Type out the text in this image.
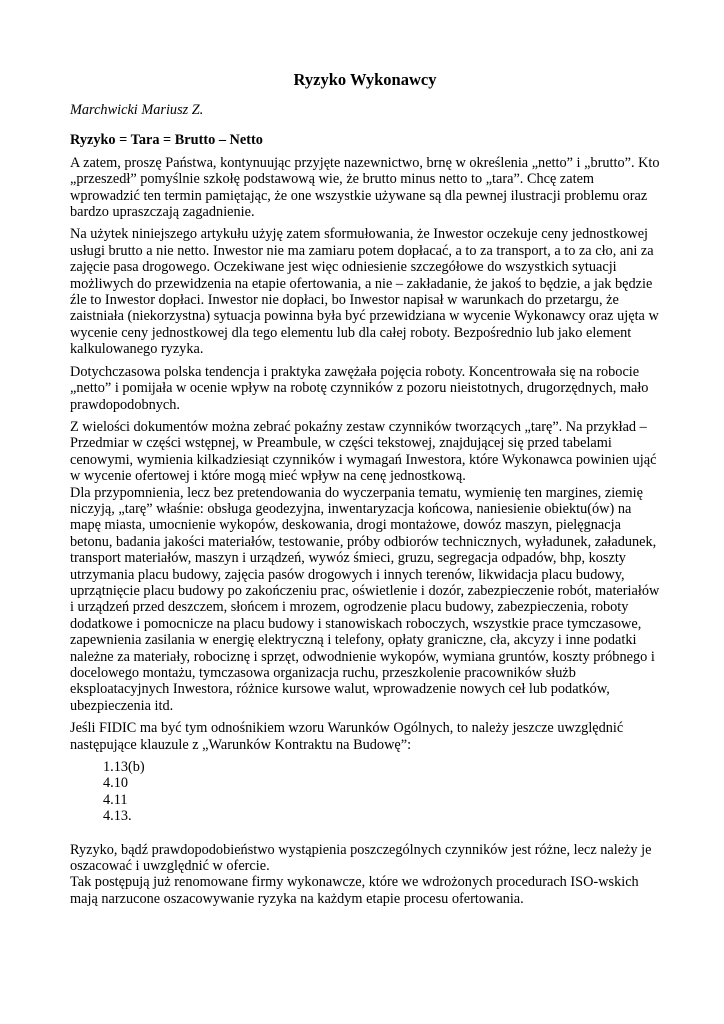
Ryzyko Wykonawcy

Marchwicki Mariusz Z.

Ryzyko = Tara = Brutto – Netto

A zatem, proszę Państwa, kontynuując przyjęte nazewnictwo, brnę w określenia „netto” i „brutto”. Kto „przeszedł” pomyślnie szkołę podstawową wie, że brutto minus netto to „tara”. Chcę zatem wprowadzić ten termin pamiętając, że one wszystkie używane są dla pewnej ilustracji problemu oraz bardzo upraszczają zagadnienie.

Na użytek niniejszego artykułu użyję zatem sformułowania, że Inwestor oczekuje ceny jednostkowej usługi brutto a nie netto. Inwestor nie ma zamiaru potem dopłacać, a to za transport, a to za cło, ani za zajęcie pasa drogowego. Oczekiwane jest więc odniesienie szczegółowe do wszystkich sytuacji możliwych do przewidzenia na etapie ofertowania, a nie – zakładanie, że jakoś to będzie, a jak będzie źle to Inwestor dopłaci. Inwestor nie dopłaci, bo Inwestor napisał w warunkach do przetargu, że zaistniała (niekorzystna) sytuacja powinna była być przewidziana w wycenie Wykonawcy oraz ujęta w wycenie ceny jednostkowej dla tego elementu lub dla całej roboty. Bezpośrednio lub jako element kalkulowanego ryzyka.

Dotychczasowa polska tendencja i praktyka zawężała pojęcia roboty. Koncentrowała się na robocie „netto” i pomijała w ocenie wpływ na robotę czynników z pozoru nieistotnych, drugorzędnych, mało prawdopodobnych.

Z wielości dokumentów można zebrać pokaźny zestaw czynników tworzących „tarę”. Na przykład – Przedmiar w części wstępnej, w Preambule, w części tekstowej, znajdującej się przed tabelami cenowymi, wymienia kilkadziesiąt czynników i wymagań Inwestora, które Wykonawca powinien ująć w wycenie ofertowej i które mogą mieć wpływ na cenę jednostkową.

Dla przypomnienia, lecz bez pretendowania do wyczerpania tematu, wymienię ten margines, ziemię niczyją, „tarę” właśnie: obsługa geodezyjna, inwentaryzacja końcowa, naniesienie obiektu(ów) na mapę miasta, umocnienie wykopów, deskowania, drogi montażowe, dowóz maszyn, pielęgnacja betonu, badania jakości materiałów, testowanie, próby odbiorów technicznych, wyładunek, załadunek, transport materiałów, maszyn i urządzeń, wywóz śmieci, gruzu, segregacja odpadów, bhp, koszty utrzymania placu budowy, zajęcia pasów drogowych i innych terenów, likwidacja placu budowy, uprzątnięcie placu budowy po zakończeniu prac, oświetlenie i dozór, zabezpieczenie robót, materiałów i urządzeń przed deszczem, słońcem i mrozem, ogrodzenie placu budowy, zabezpieczenia, roboty dodatkowe i pomocnicze na placu budowy i stanowiskach roboczych, wszystkie prace tymczasowe, zapewnienia zasilania w energię elektryczną i telefony, opłaty graniczne, cła, akcyzy i inne podatki należne za materiały, robociznę i sprzęt, odwodnienie wykopów, wymiana gruntów, koszty próbnego i docelowego montażu, tymczasowa organizacja ruchu, przeszkolenie pracowników służb eksploatacyjnych Inwestora, różnice kursowe walut, wprowadzenie nowych ceł lub podatków, ubezpieczenia itd.

Jeśli FIDIC ma być tym odnośnikiem wzoru Warunków Ogólnych, to należy jeszcze uwzględnić następujące klauzule z „Warunków Kontraktu na Budowę”:

1.13(b)
4.10
4.11
4.13.

Ryzyko, bądź prawdopodobieństwo wystąpienia poszczególnych czynników jest różne, lecz należy je oszacować i uwzględnić w ofercie.

Tak postępują już renomowane firmy wykonawcze, które we wdrożonych procedurach ISO-wskich mają narzucone oszacowywanie ryzyka na każdym etapie procesu ofertowania.
